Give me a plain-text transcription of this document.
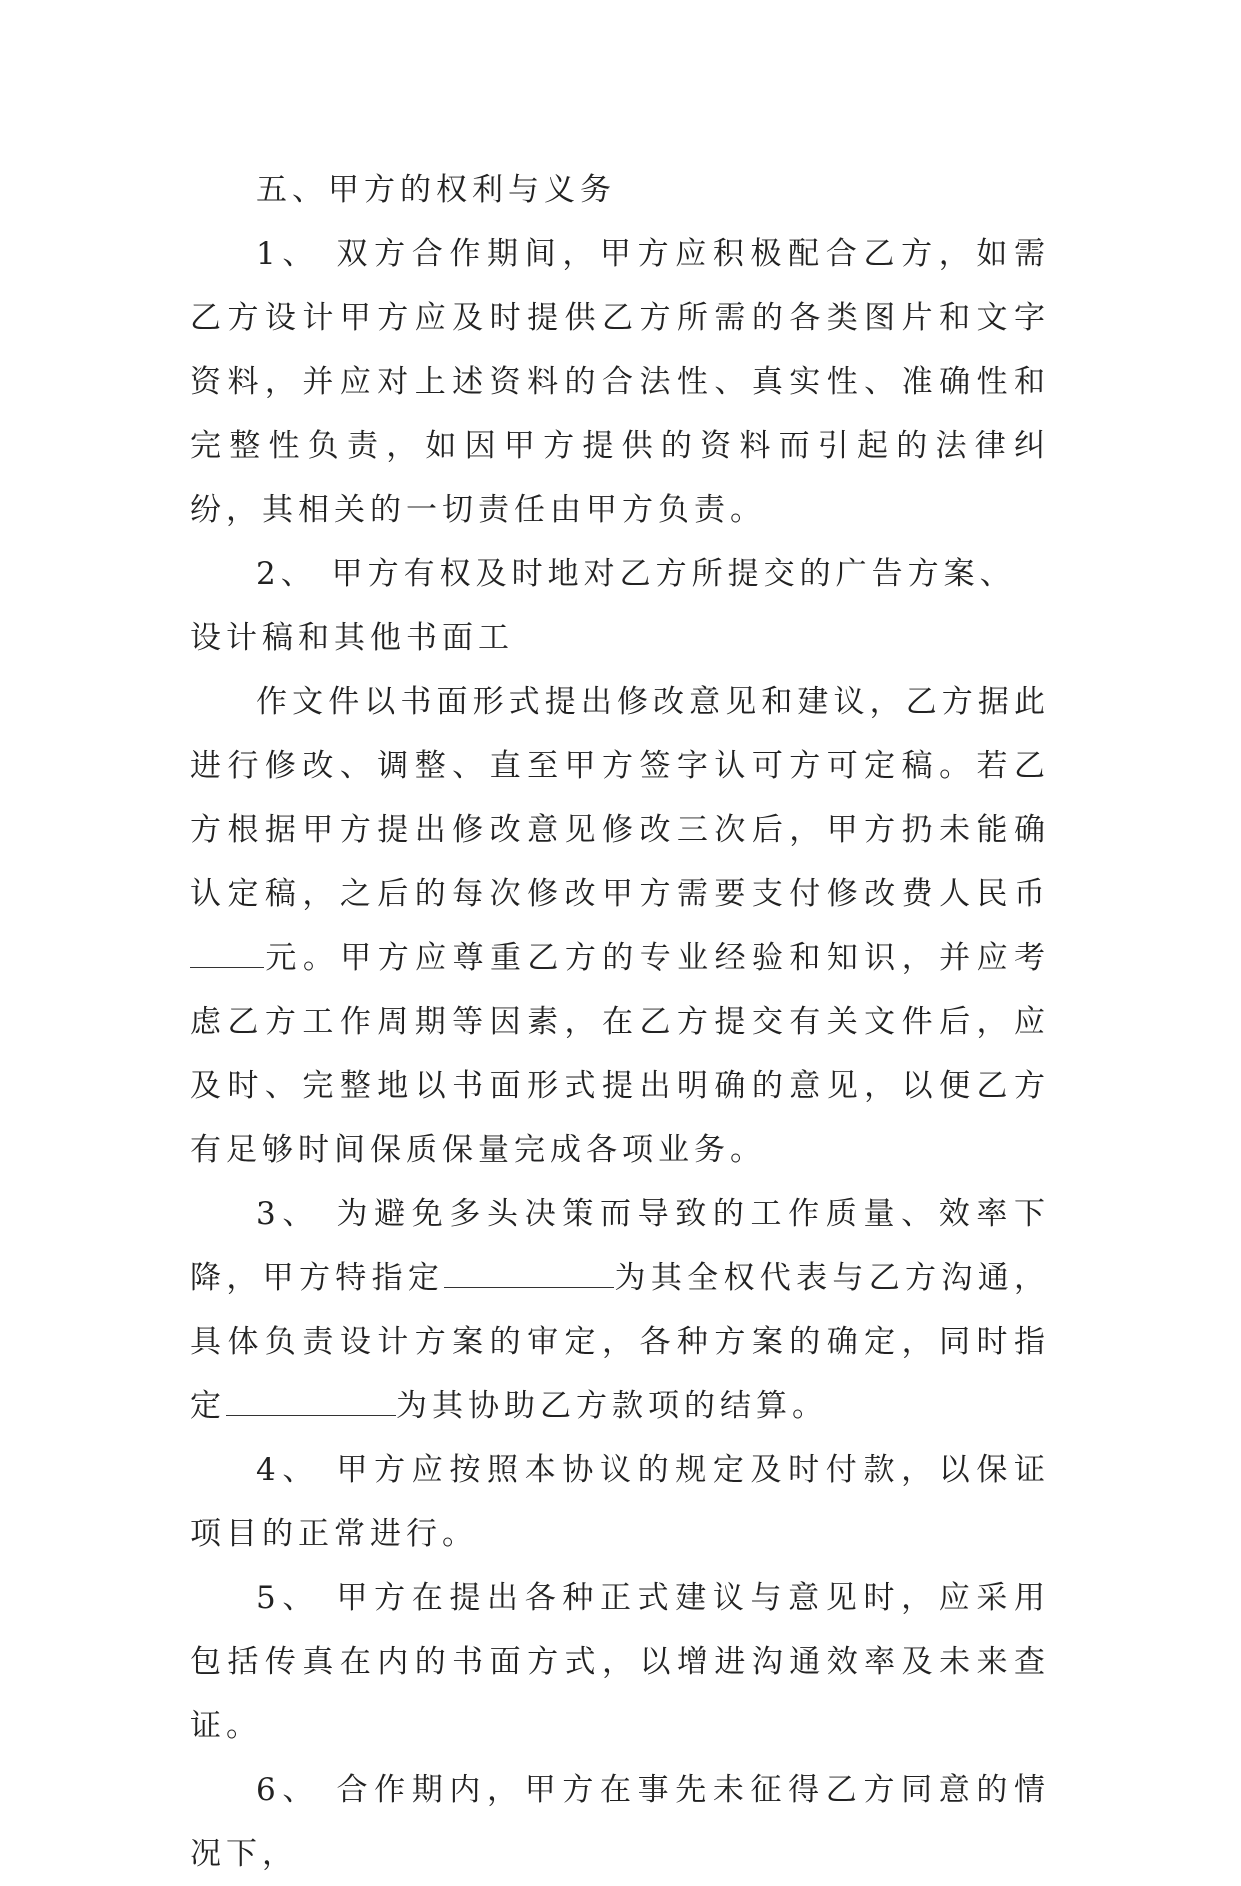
五、甲方的权利与义务

1、 双方合作期间，甲方应积极配合乙方，如需乙方设计甲方应及时提供乙方所需的各类图片和文字资料，并应对上述资料的合法性、真实性、准确性和完整性负责，如因甲方提供的资料而引起的法律纠纷，其相关的一切责任由甲方负责。

2、 甲方有权及时地对乙方所提交的广告方案、设计稿和其他书面工

作文件以书面形式提出修改意见和建议，乙方据此进行修改、调整、直至甲方签字认可方可定稿。若乙方根据甲方提出修改意见修改三次后，甲方扔未能确认定稿，之后的每次修改甲方需要支付修改费人民币元。甲方应尊重乙方的专业经验和知识，并应考虑乙方工作周期等因素，在乙方提交有关文件后，应及时、完整地以书面形式提出明确的意见，以便乙方有足够时间保质保量完成各项业务。

3、 为避免多头决策而导致的工作质量、效率下降，甲方特指定	为其全权代表与乙方沟通，具体负责设计方案的审定，各种方案的确定，同时指定	为其协助乙方款项的结算。

4、 甲方应按照本协议的规定及时付款，以保证项目的正常进行。

5、 甲方在提出各种正式建议与意见时，应采用包括传真在内的书面方式，以增进沟通效率及未来查证。

6、 合作期内，甲方在事先未征得乙方同意的情况下，
